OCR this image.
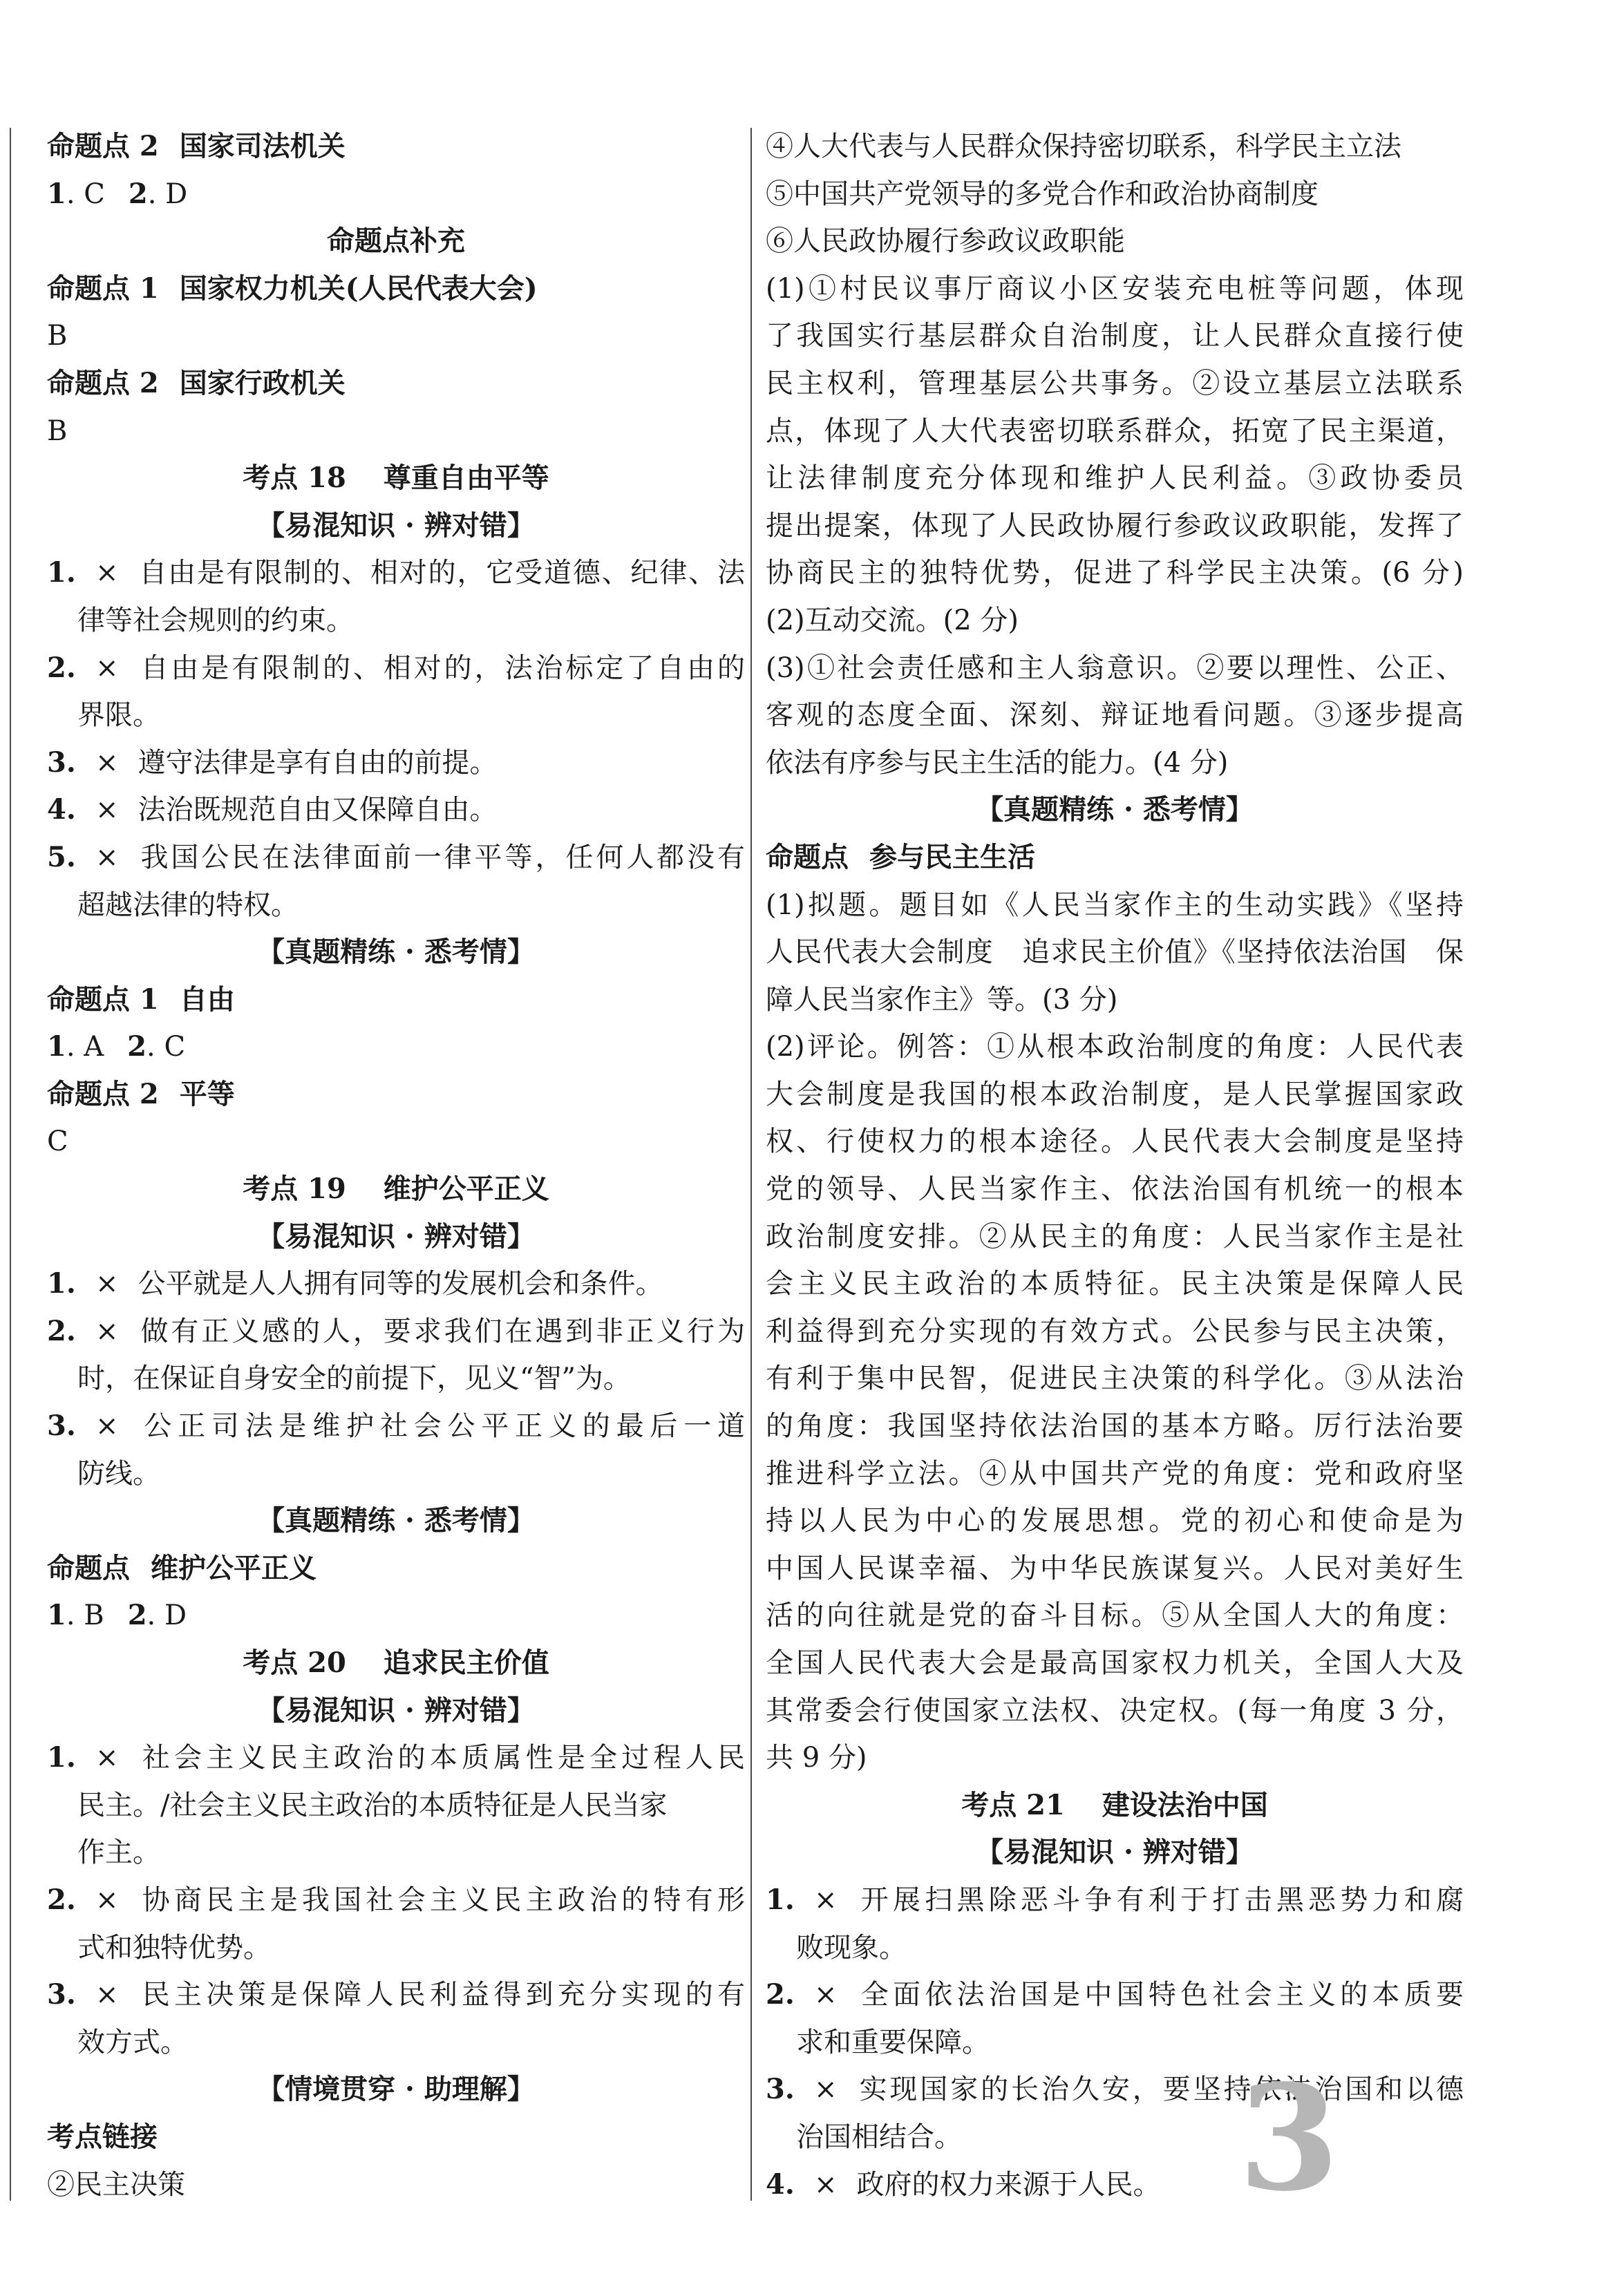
命题点 2 国家司法机关
1. C 2. D
命题点补充
命题点 1 国家权力机关(人民代表大会)
B
命题点 2 国家行政机关
B
考点 18　 尊重自由平等
【易混知识 · 辨对错】
1. × 自由是有限制的、相对的，它受道德、纪律、法
律等社会规则的约束。
2. × 自由是有限制的、相对的，法治标定了自由的
界限。
3. × 遵守法律是享有自由的前提。
4. × 法治既规范自由又保障自由。
5. × 我国公民在法律面前一律平等，任何人都没有
超越法律的特权。
【真题精练 · 悉考情】
命题点 1 自由
1. A 2. C
命题点 2 平等
C
考点 19　 维护公平正义
【易混知识 · 辨对错】
1. × 公平就是人人拥有同等的发展机会和条件。
2. × 做有正义感的人，要求我们在遇到非正义行为
时，在保证自身安全的前提下，见义“智”为。
3. × 公正司法是维护社会公平正义的最后一道
防线。
【真题精练 · 悉考情】
命题点 维护公平正义
1. B 2. D
考点 20　 追求民主价值
【易混知识 · 辨对错】
1. × 社会主义民主政治的本质属性是全过程人民
民主。/社会主义民主政治的本质特征是人民当家
作主。
2. × 协商民主是我国社会主义民主政治的特有形
式和独特优势。
3. × 民主决策是保障人民利益得到充分实现的有
效方式。
【情境贯穿 · 助理解】
考点链接
②民主决策
④人大代表与人民群众保持密切联系，科学民主立法
⑤中国共产党领导的多党合作和政治协商制度
⑥人民政协履行参政议政职能
(1)①村民议事厅商议小区安装充电桩等问题，体现
了我国实行基层群众自治制度，让人民群众直接行使
民主权利，管理基层公共事务。②设立基层立法联系
点，体现了人大代表密切联系群众，拓宽了民主渠道，
让法律制度充分体现和维护人民利益。③政协委员
提出提案，体现了人民政协履行参政议政职能，发挥了
协商民主的独特优势，促进了科学民主决策。(6 分)
(2)互动交流。(2 分)
(3)①社会责任感和主人翁意识。②要以理性、公正、
客观的态度全面、深刻、辩证地看问题。③逐步提高
依法有序参与民主生活的能力。(4 分)
【真题精练 · 悉考情】
命题点 参与民主生活
(1)拟题。题目如《人民当家作主的生动实践》《坚持
人民代表大会制度　追求民主价值》《坚持依法治国　保
障人民当家作主》等。(3 分)
(2)评论。例答：①从根本政治制度的角度：人民代表
大会制度是我国的根本政治制度，是人民掌握国家政
权、行使权力的根本途径。人民代表大会制度是坚持
党的领导、人民当家作主、依法治国有机统一的根本
政治制度安排。②从民主的角度：人民当家作主是社
会主义民主政治的本质特征。民主决策是保障人民
利益得到充分实现的有效方式。公民参与民主决策，
有利于集中民智，促进民主决策的科学化。③从法治
的角度：我国坚持依法治国的基本方略。厉行法治要
推进科学立法。④从中国共产党的角度：党和政府坚
持以人民为中心的发展思想。党的初心和使命是为
中国人民谋幸福、为中华民族谋复兴。人民对美好生
活的向往就是党的奋斗目标。⑤从全国人大的角度：
全国人民代表大会是最高国家权力机关，全国人大及
其常委会行使国家立法权、决定权。(每一角度 3 分，
共 9 分)
考点 21　 建设法治中国
【易混知识 · 辨对错】
1. × 开展扫黑除恶斗争有利于打击黑恶势力和腐
败现象。
2. × 全面依法治国是中国特色社会主义的本质要
求和重要保障。
3. × 实现国家的长治久安，要坚持依法治国和以德
治国相结合。
4. × 政府的权力来源于人民。 3
